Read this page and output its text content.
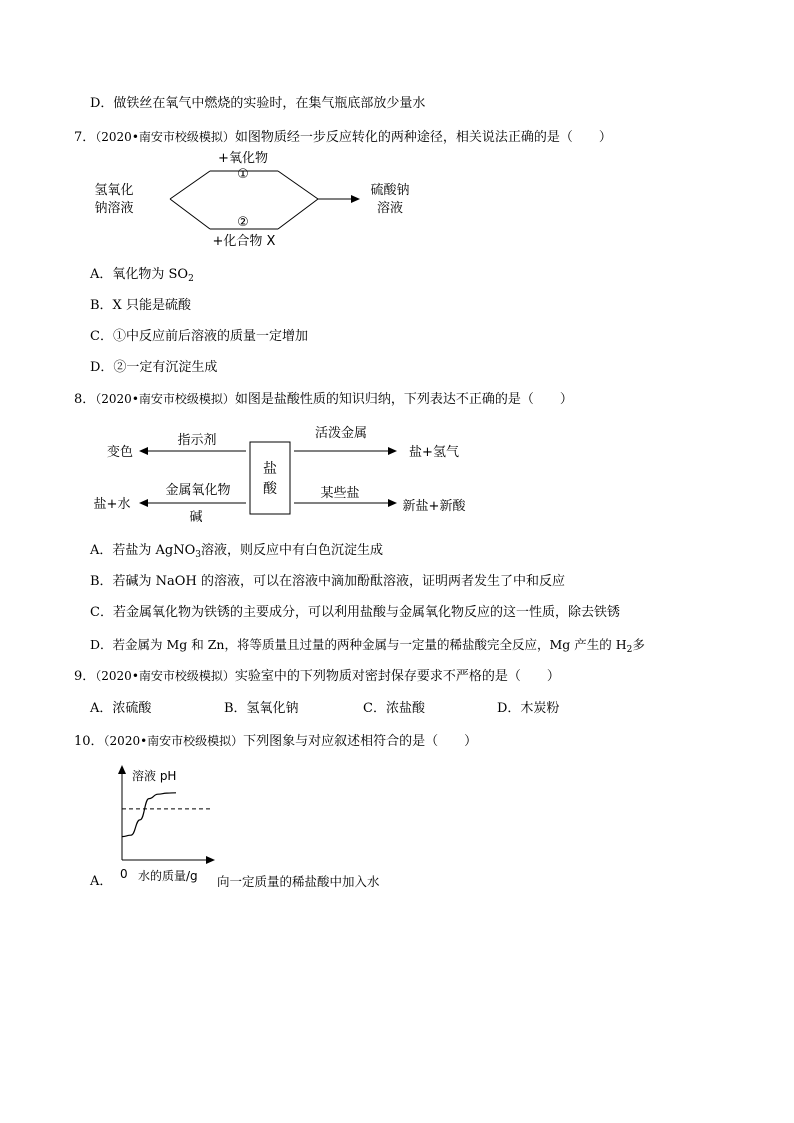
D．做铁丝在氧气中燃烧的实验时，在集气瓶底部放少量水
7．（2020•南安市校级模拟）如图物质经一步反应转化的两种途径，相关说法正确的是（　　）
氢氧化
钠溶液
+氧化物
①
②
+化合物 X
硫酸钠
溶液
A．氧化物为 $SO_2$
B．X 只能是硫酸
C．①中反应前后溶液的质量一定增加
D．②一定有沉淀生成
8．（2020•南安市校级模拟）如图是盐酸性质的知识归纳，下列表达不正确的是（　　）
盐
酸
指示剂
变色
活泼金属
盐+氢气
金属氧化物
碱
盐+水
某些盐
新盐+新酸
A．若盐为 AgNO$_3$溶液，则反应中有白色沉淀生成
B．若碱为 NaOH 的溶液，可以在溶液中滴加酚酞溶液，证明两者发生了中和反应
C．若金属氧化物为铁锈的主要成分，可以利用盐酸与金属氧化物反应的这一性质，除去铁锈
D．若金属为 Mg 和 Zn，将等质量且过量的两种金属与一定量的稀盐酸完全反应，Mg 产生的 $H_2$多
9．（2020•南安市校级模拟）实验室中的下列物质对密封保存要求不严格的是（　　）
A．浓硫酸	B．氢氧化钠	C．浓盐酸	D．木炭粉
10．（2020•南安市校级模拟）下列图象与对应叙述相符合的是（　　）
溶液 pH
水的质量/g
0
A．	向一定质量的稀盐酸中加入水
